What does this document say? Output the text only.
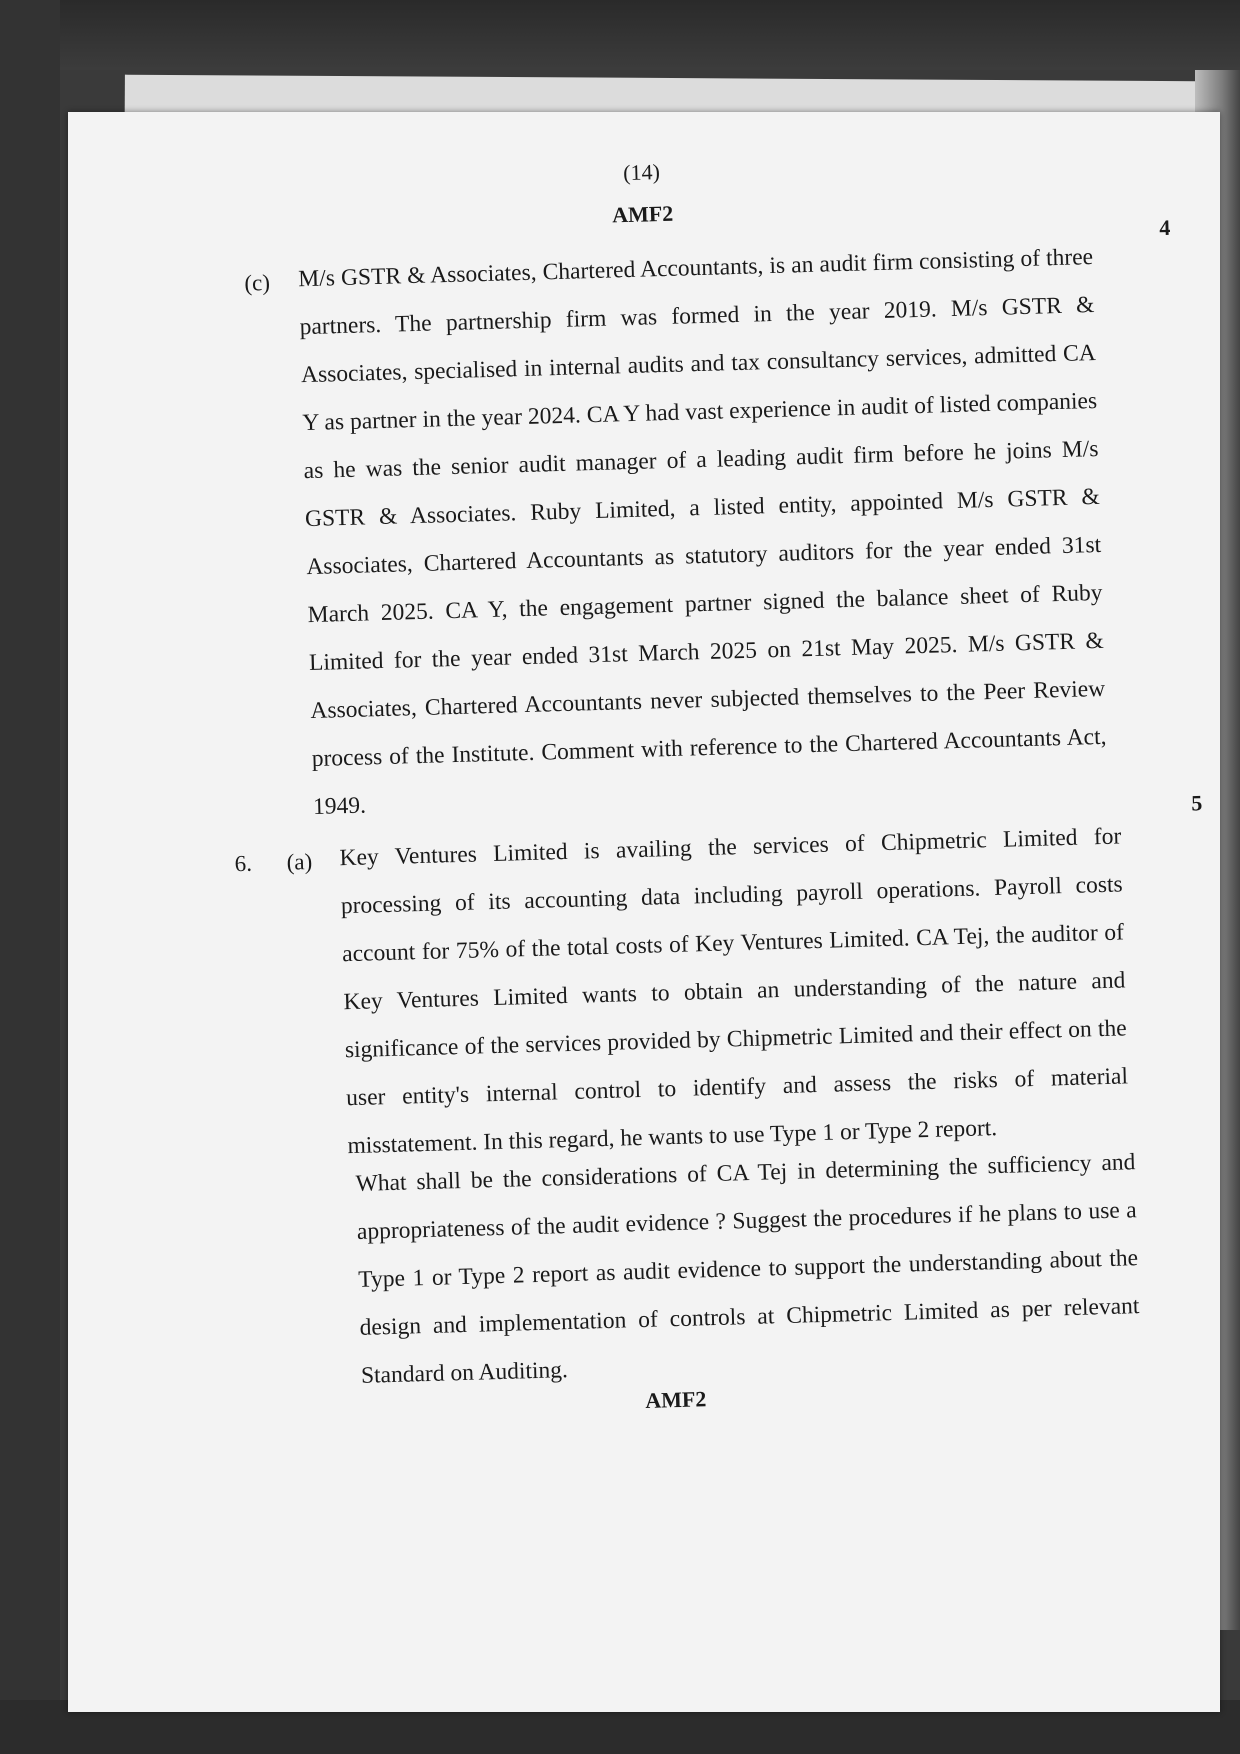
(14)

AMF2

4
(c) M/s GSTR & Associates, Chartered Accountants, is an audit firm consisting of three partners. The partnership firm was formed in the year 2019. M/s GSTR & Associates, specialised in internal audits and tax consultancy services, admitted CA Y as partner in the year 2024. CA Y had vast experience in audit of listed companies as he was the senior audit manager of a leading audit firm before he joins M/s GSTR & Associates. Ruby Limited, a listed entity, appointed M/s GSTR & Associates, Chartered Accountants as statutory auditors for the year ended 31st March 2025. CA Y, the engagement partner signed the balance sheet of Ruby Limited for the year ended 31st March 2025 on 21st May 2025. M/s GSTR & Associates, Chartered Accountants never subjected themselves to the Peer Review process of the Institute. Comment with reference to the Chartered Accountants Act, 1949.	5
6. (a) Key Ventures Limited is availing the services of Chipmetric Limited for processing of its accounting data including payroll operations. Payroll costs account for 75% of the total costs of Key Ventures Limited. CA Tej, the auditor of Key Ventures Limited wants to obtain an understanding of the nature and significance of the services provided by Chipmetric Limited and their effect on the user entity's internal control to identify and assess the risks of material misstatement. In this regard, he wants to use Type 1 or Type 2 report.

What shall be the considerations of CA Tej in determining the sufficiency and appropriateness of the audit evidence ? Suggest the procedures if he plans to use a Type 1 or Type 2 report as audit evidence to support the understanding about the design and implementation of controls at Chipmetric Limited as per relevant Standard on Auditing.

AMF2
